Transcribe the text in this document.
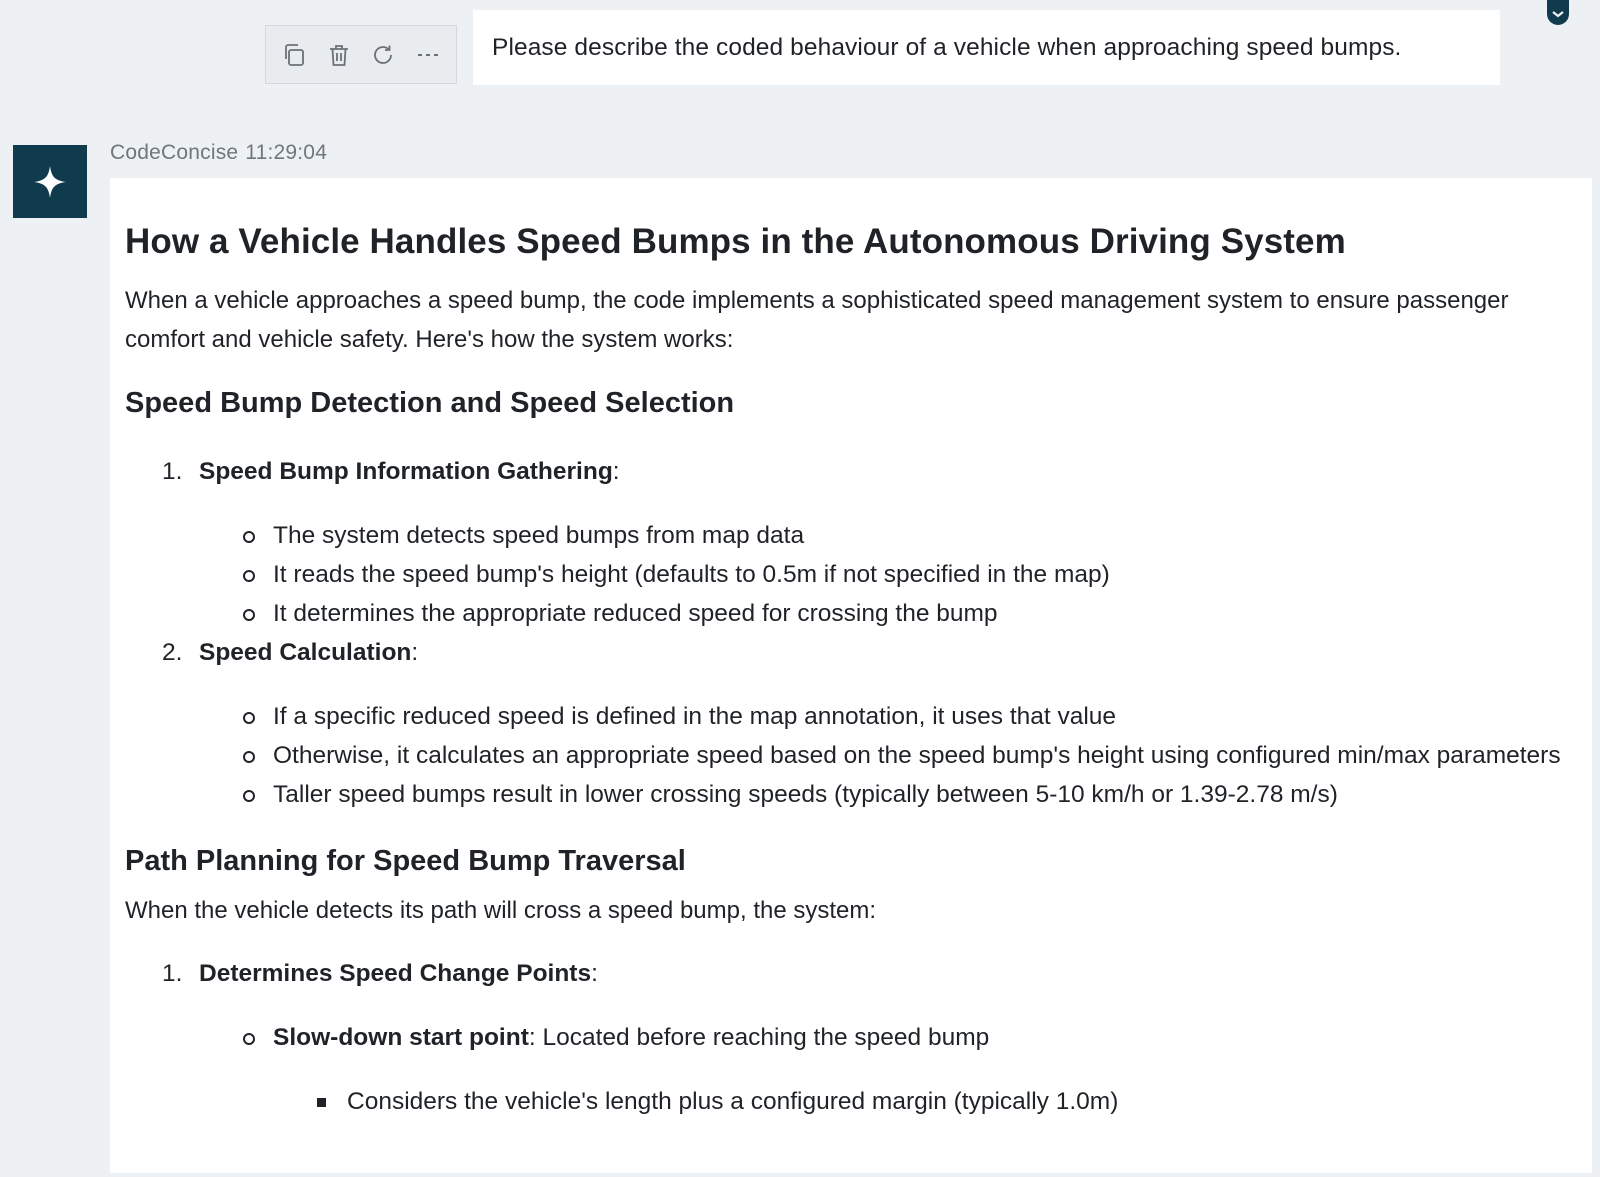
Please describe the coded behaviour of a vehicle when approaching speed bumps.
CodeConcise 11:29:04
How a Vehicle Handles Speed Bumps in the Autonomous Driving System

When a vehicle approaches a speed bump, the code implements a sophisticated speed management system to ensure passenger comfort and vehicle safety. Here's how the system works:

Speed Bump Detection and Speed Selection
1. Speed Bump Information Gathering:
The system detects speed bumps from map data
It reads the speed bump's height (defaults to 0.5m if not specified in the map)
It determines the appropriate reduced speed for crossing the bump
2. Speed Calculation:
If a specific reduced speed is defined in the map annotation, it uses that value
Otherwise, it calculates an appropriate speed based on the speed bump's height using configured min/max parameters
Taller speed bumps result in lower crossing speeds (typically between 5-10 km/h or 1.39-2.78 m/s)
Path Planning for Speed Bump Traversal

When the vehicle detects its path will cross a speed bump, the system:

1. Determines Speed Change Points:
Slow-down start point: Located before reaching the speed bump
Considers the vehicle's length plus a configured margin (typically 1.0m)
